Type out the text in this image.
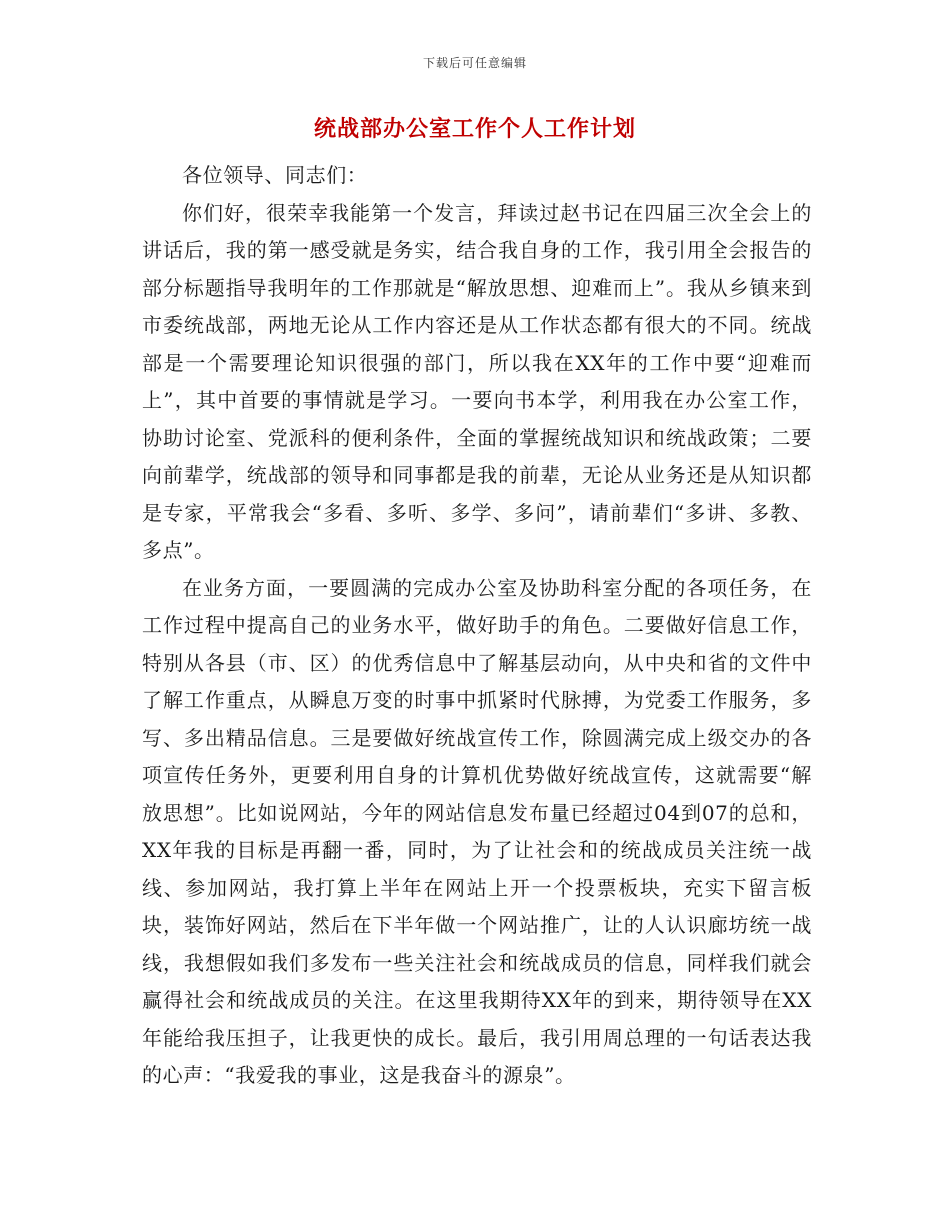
下载后可任意编辑
统战部办公室工作个人工作计划

各位领导、同志们：

你们好，很荣幸我能第一个发言，拜读过赵书记在四届三次全会上的讲话后，我的第一感受就是务实，结合我自身的工作，我引用全会报告的部分标题指导我明年的工作那就是“解放思想、迎难而上”。我从乡镇来到市委统战部，两地无论从工作内容还是从工作状态都有很大的不同。统战部是一个需要理论知识很强的部门，所以我在XX年的工作中要“迎难而上”，其中首要的事情就是学习。一要向书本学，利用我在办公室工作，协助讨论室、党派科的便利条件，全面的掌握统战知识和统战政策；二要向前辈学，统战部的领导和同事都是我的前辈，无论从业务还是从知识都是专家，平常我会“多看、多听、多学、多问”，请前辈们“多讲、多教、多点”。

在业务方面，一要圆满的完成办公室及协助科室分配的各项任务，在工作过程中提高自己的业务水平，做好助手的角色。二要做好信息工作，特别从各县（市、区）的优秀信息中了解基层动向，从中央和省的文件中了解工作重点，从瞬息万变的时事中抓紧时代脉搏，为党委工作服务，多写、多出精品信息。三是要做好统战宣传工作，除圆满完成上级交办的各项宣传任务外，更要利用自身的计算机优势做好统战宣传，这就需要“解放思想”。比如说网站，今年的网站信息发布量已经超过04到07的总和，XX年我的目标是再翻一番，同时，为了让社会和的统战成员关注统一战线、参加网站，我打算上半年在网站上开一个投票板块，充实下留言板块，装饰好网站，然后在下半年做一个网站推广，让的人认识廊坊统一战线，我想假如我们多发布一些关注社会和统战成员的信息，同样我们就会赢得社会和统战成员的关注。在这里我期待XX年的到来，期待领导在XX年能给我压担子，让我更快的成长。最后，我引用周总理的一句话表达我的心声：“我爱我的事业，这是我奋斗的源泉”。
